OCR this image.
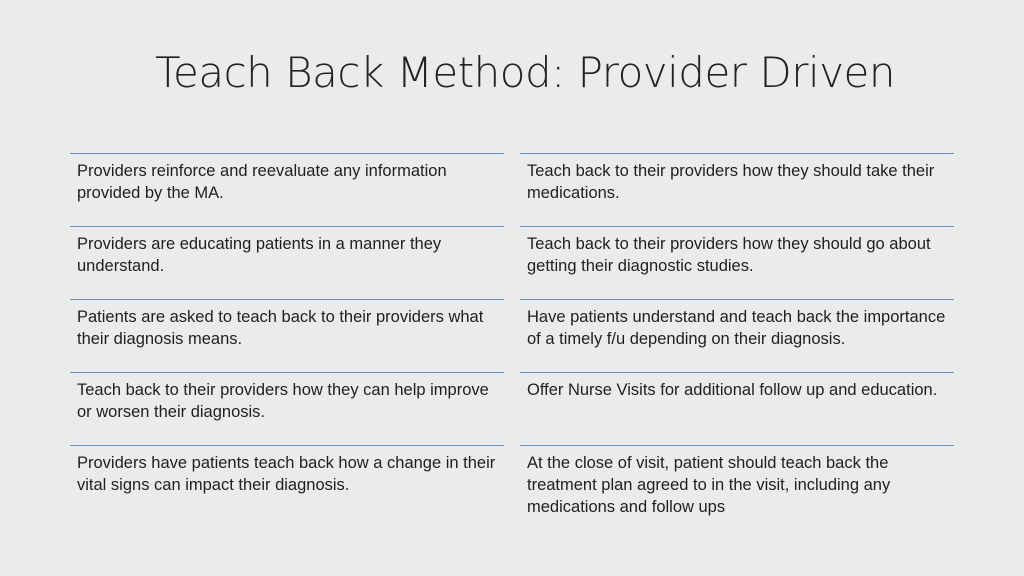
Teach Back Method: Provider Driven
Providers reinforce and reevaluate any information provided by the MA.
Teach back to their providers how they should take their medications.
Providers are educating patients in a manner they understand.
Teach back to their providers how they should go about getting their diagnostic studies.
Patients are asked to teach back to their providers what their diagnosis means.
Have patients understand and teach back the importance of a timely f/u depending on their diagnosis.
Teach back to their providers how they can help improve or worsen their diagnosis.
Offer Nurse Visits for additional follow up and education.
Providers have patients teach back how a change in their vital signs can impact their diagnosis.
At the close of visit, patient should teach back the treatment plan agreed to in the visit, including any medications and follow ups
